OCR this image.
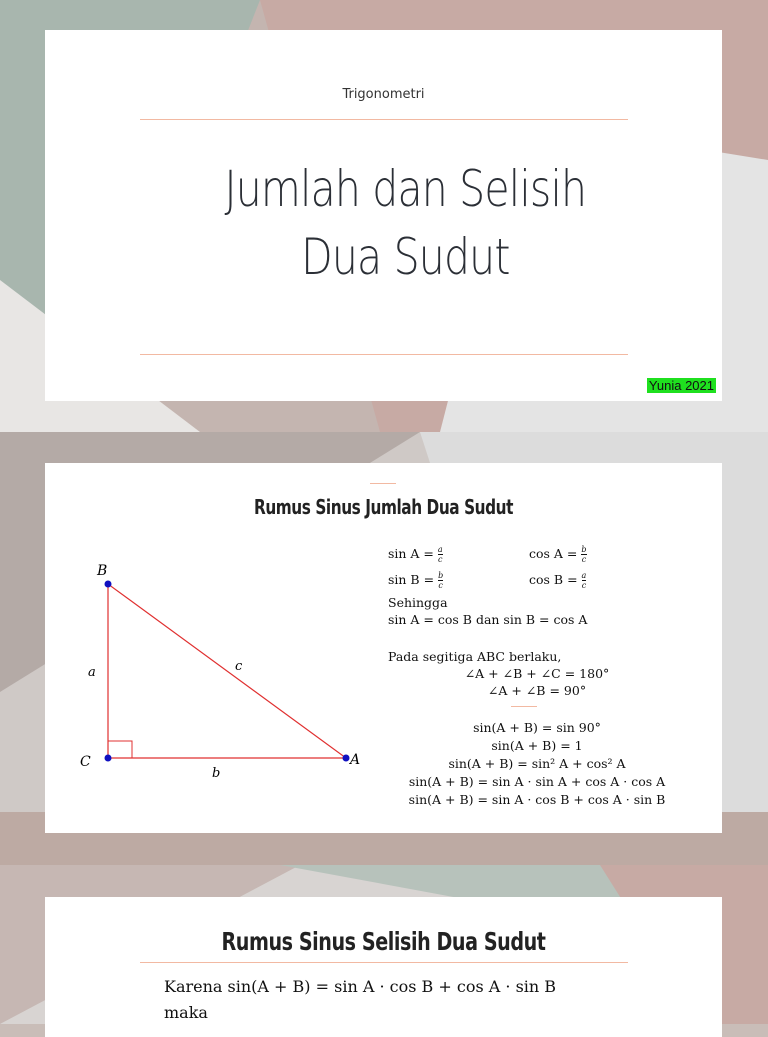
Trigonometri
Jumlah dan Selisih
Dua Sudut
Yunia 2021
Rumus Sinus Jumlah Dua Sudut
B
C	A
a
b
c
$\sin A = \frac{a}{c}$	$\cos A = \frac{b}{c}$
$\sin B = \frac{b}{c}$	$\cos B = \frac{a}{c}$
Sehingga
sin A = cos B dan sin B = cos A
Pada segitiga ABC berlaku,
∠A + ∠B + ∠C = 180°
∠A + ∠B = 90°
sin(A + B) = sin 90°
sin(A + B) = 1
sin(A + B) = sin² A + cos² A
sin(A + B) = sin A · sin A + cos A · cos A
sin(A + B) = sin A · cos B + cos A · sin B
Rumus Sinus Selisih Dua Sudut
Karena sin(A + B) = sin A · cos B + cos A · sin B
maka
